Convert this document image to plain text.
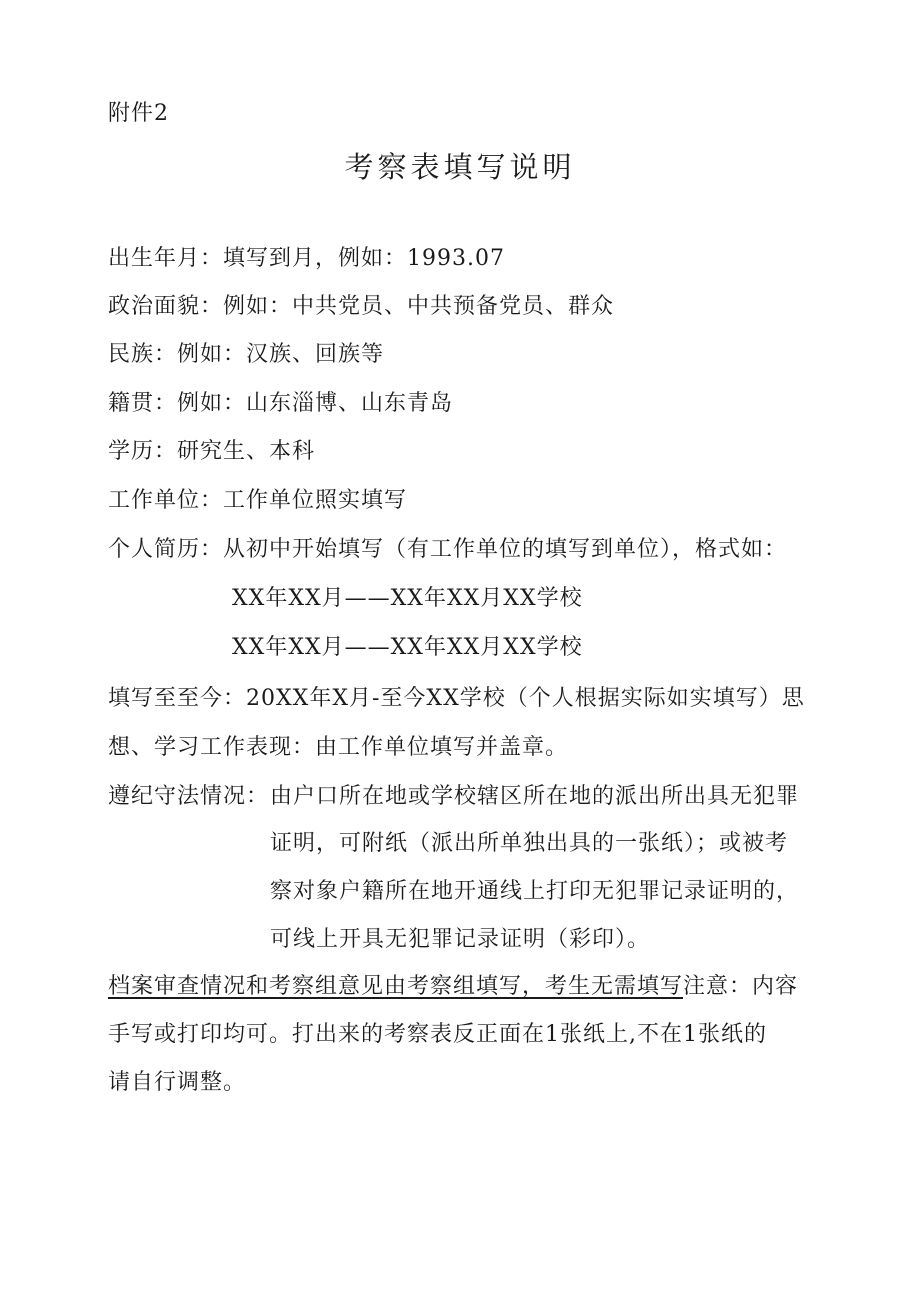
附件2
考察表填写说明
出生年月：填写到月，例如：1993.07
政治面貌：例如：中共党员、中共预备党员、群众
民族：例如：汉族、回族等
籍贯：例如：山东淄博、山东青岛
学历：研究生、本科
工作单位：工作单位照实填写
个人简历：从初中开始填写（有工作单位的填写到单位），格式如：
XX年XX月——XX年XX月XX学校
XX年XX月——XX年XX月XX学校
填写至至今：20XX年X月-至今XX学校（个人根据实际如实填写）思
想、学习工作表现：由工作单位填写并盖章。
遵纪守法情况： 由户口所在地或学校辖区所在地的派出所出具无犯罪
证明，可附纸（派出所单独出具的一张纸）；或被考
察对象户籍所在地开通线上打印无犯罪记录证明的，
可线上开具无犯罪记录证明（彩印）。
档案审查情况和考察组意见由考察组填写，考生无需填写注意：内容
手写或打印均可。打出来的考察表反正面在1张纸上,不在1张纸的
请自行调整。
